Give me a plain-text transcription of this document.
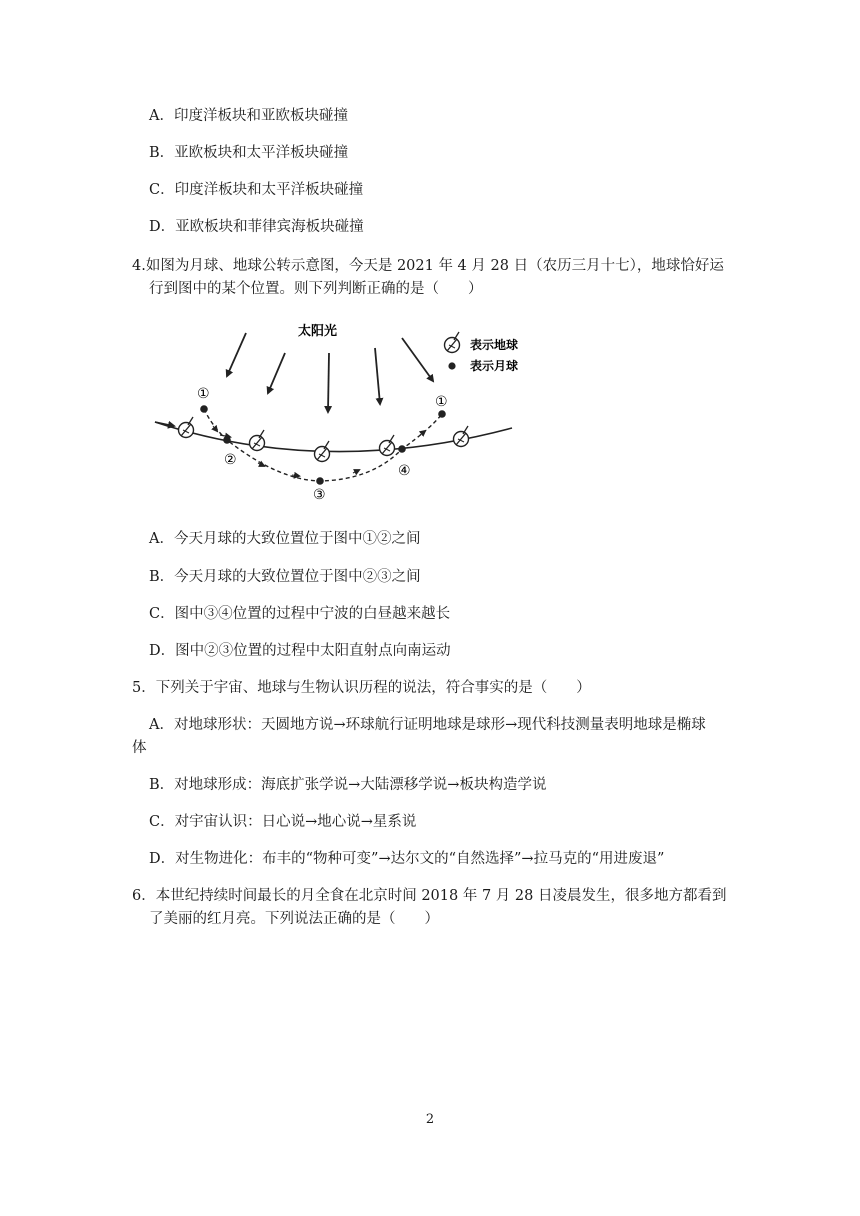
A．印度洋板块和亚欧板块碰撞
B．亚欧板块和太平洋板块碰撞
C．印度洋板块和太平洋板块碰撞
D．亚欧板块和菲律宾海板块碰撞
4.如图为月球、地球公转示意图，今天是 2021 年 4 月 28 日（农历三月十七），地球恰好运
行到图中的某个位置。则下列判断正确的是（　　）
太阳光
表示地球
表示月球
①
②
③
④
①
A．今天月球的大致位置位于图中①②之间
B．今天月球的大致位置位于图中②③之间
C．图中③④位置的过程中宁波的白昼越来越长
D．图中②③位置的过程中太阳直射点向南运动
5．下列关于宇宙、地球与生物认识历程的说法，符合事实的是（　　）
A．对地球形状：天圆地方说→环球航行证明地球是球形→现代科技测量表明地球是椭球
体
B．对地球形成：海底扩张学说→大陆漂移学说→板块构造学说
C．对宇宙认识：日心说→地心说→星系说
D．对生物进化：布丰的“物种可变”→达尔文的“自然选择”→拉马克的“用进废退”
6．本世纪持续时间最长的月全食在北京时间 2018 年 7 月 28 日凌晨发生，很多地方都看到
了美丽的红月亮。下列说法正确的是（　　）
2
